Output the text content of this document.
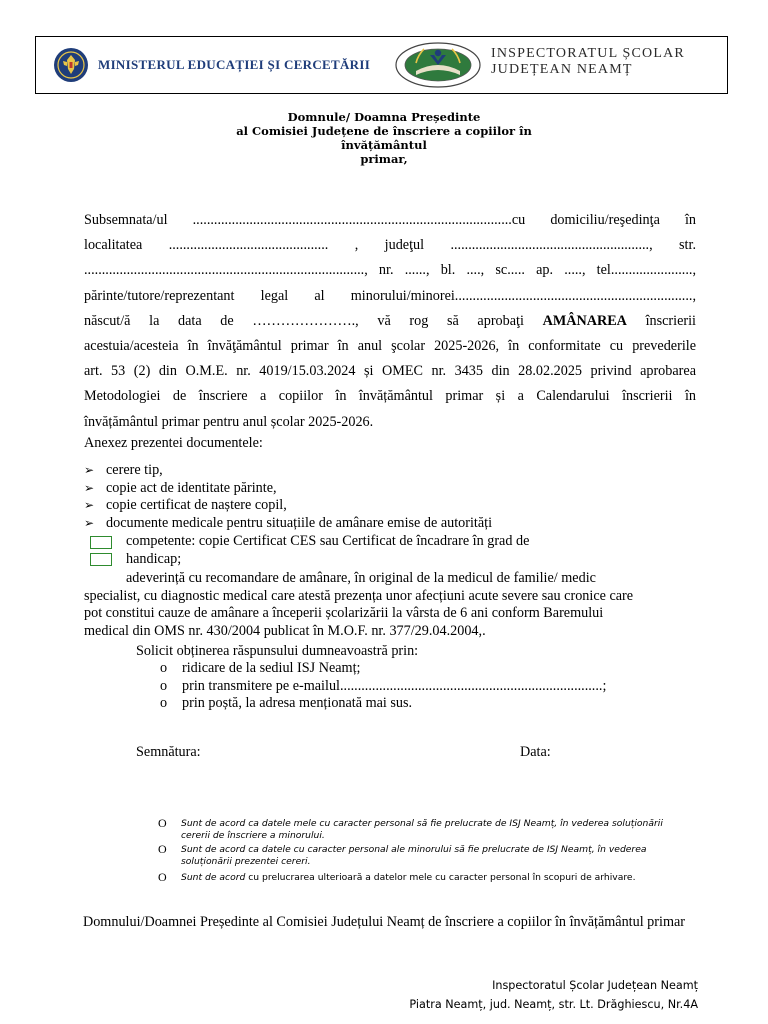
MINISTERUL EDUCAȚIEI ȘI CERCETĂRII
INSPECTORATUL ȘCOLAR
JUDEȚEAN NEAMȚ
Domnule/ Doamna Președinte
al Comisiei Județene de înscriere a copiilor în
învățământul
primar,
Subsemnata/ul ..........................................................................................cu domiciliu/reşedinţa în
localitatea ............................................. , judeţul ........................................................, str.
..............................................................................., nr. ......, bl. ...., sc..... ap. ....., tel.......................,
părinte/tutore/reprezentant legal al minorului/minorei...................................................................,
născut/ă la data de …………………., vă rog să aprobaţi AMÂNAREA înscrierii
acestuia/acesteia în învăţământul primar în anul şcolar 2025-2026, în conformitate cu prevederile
art. 53 (2) din O.M.E. nr. 4019/15.03.2024 și OMEC nr. 3435 din 28.02.2025 privind aprobarea
Metodologiei de înscriere a copiilor în învățământul primar și a Calendarului înscrierii în
învățământul primar pentru anul școlar 2025-2026.
Anexez prezentei documentele:
➢ cerere tip,
➢ copie act de identitate părinte,
➢ copie certificat de naștere copil,
➢ documente medicale pentru situațiile de amânare emise de autorități
competente: copie Certificat CES sau Certificat de încadrare în grad de
handicap;
adeverință cu recomandare de amânare, în original de la medicul de familie/ medic
specialist, cu diagnostic medical care atestă prezența unor afecțiuni acute severe sau cronice care
pot constitui cauze de amânare a începerii școlarizării la vârsta de 6 ani conform Baremului
medical din OMS nr. 430/2004 publicat în M.O.F. nr. 377/29.04.2004,.
Solicit obținerea răspunsului dumneavoastră prin:
o	ridicare de la sediul ISJ Neamț;
o	prin transmitere pe e-mailul..........................................................................;
o	prin poștă, la adresa menționată mai sus.
Semnătura:	Data:
O Sunt de acord ca datele mele cu caracter personal să fie prelucrate de ISJ Neamț, în vederea soluționării
cererii de înscriere a minorului.
O Sunt de acord ca datele cu caracter personal ale minorului să fie prelucrate de ISJ Neamț, în vederea
soluționării prezentei cereri.
O Sunt de acord cu prelucrarea ulterioară a datelor mele cu caracter personal în scopuri de arhivare.
Domnului/Doamnei Președinte al Comisiei Județului Neamț de înscriere a copiilor în învățământul primar
Inspectoratul Școlar Județean Neamț
Piatra Neamț, jud. Neamț, str. Lt. Drăghiescu, Nr.4A
